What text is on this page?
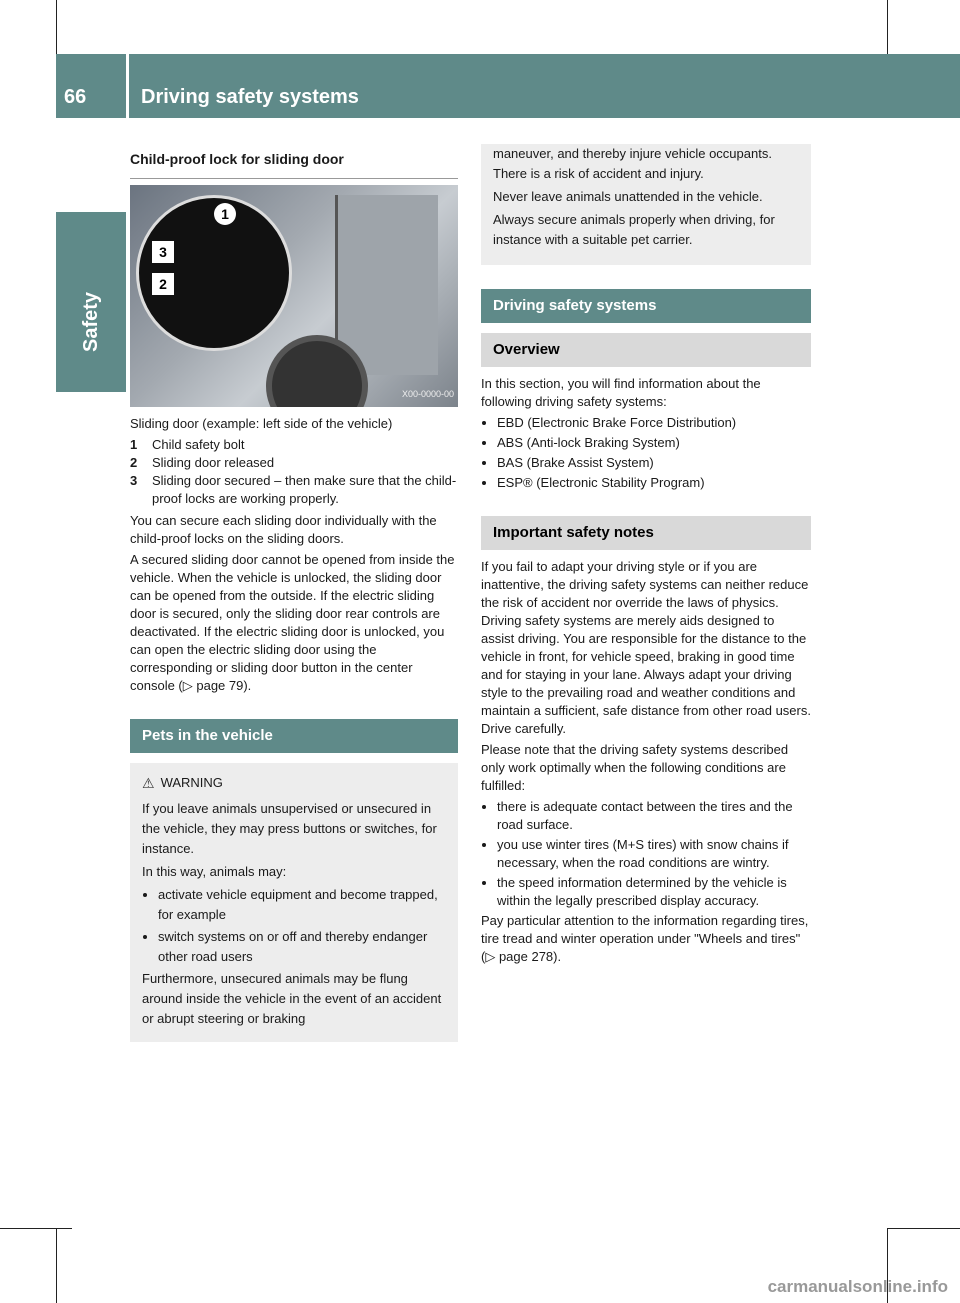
66	Driving safety systems
Safety
Child-proof lock for sliding door
1
3
2
X00-0000-00

Sliding door (example: left side of the vehicle)

1	Child safety bolt
2	Sliding door released
3	Sliding door secured – then make sure that the child-proof locks are working properly.

You can secure each sliding door individually with the child-proof locks on the sliding doors.

A secured sliding door cannot be opened from inside the vehicle. When the vehicle is unlocked, the sliding door can be opened from the outside. If the electric sliding door is secured, only the sliding door rear controls are deactivated. If the electric sliding door is unlocked, you can open the electric sliding door using the corresponding or sliding door button in the center console (▷ page 79).

Pets in the vehicle
⚠ WARNING

If you leave animals unsupervised or unsecured in the vehicle, they may press buttons or switches, for instance.

In this way, animals may:

• activate vehicle equipment and become trapped, for example
• switch systems on or off and thereby endanger other road users

Furthermore, unsecured animals may be flung around inside the vehicle in the event of an accident or abrupt steering or braking

maneuver, and thereby injure vehicle occupants. There is a risk of accident and injury.

Never leave animals unattended in the vehicle.

Always secure animals properly when driving, for instance with a suitable pet carrier.

Driving safety systems
Overview

In this section, you will find information about the following driving safety systems:

• EBD (Electronic Brake Force Distribution)
• ABS (Anti-lock Braking System)
• BAS (Brake Assist System)
• ESP® (Electronic Stability Program)
Important safety notes

If you fail to adapt your driving style or if you are inattentive, the driving safety systems can neither reduce the risk of accident nor override the laws of physics. Driving safety systems are merely aids designed to assist driving. You are responsible for the distance to the vehicle in front, for vehicle speed, braking in good time and for staying in your lane. Always adapt your driving style to the prevailing road and weather conditions and maintain a sufficient, safe distance from other road users. Drive carefully.

Please note that the driving safety systems described only work optimally when the following conditions are fulfilled:

• there is adequate contact between the tires and the road surface.
• you use winter tires (M+S tires) with snow chains if necessary, when the road conditions are wintry.
• the speed information determined by the vehicle is within the legally prescribed display accuracy.

Pay particular attention to the information regarding tires, tire tread and winter operation under "Wheels and tires" (▷ page 278).

carmanualsonline.info
